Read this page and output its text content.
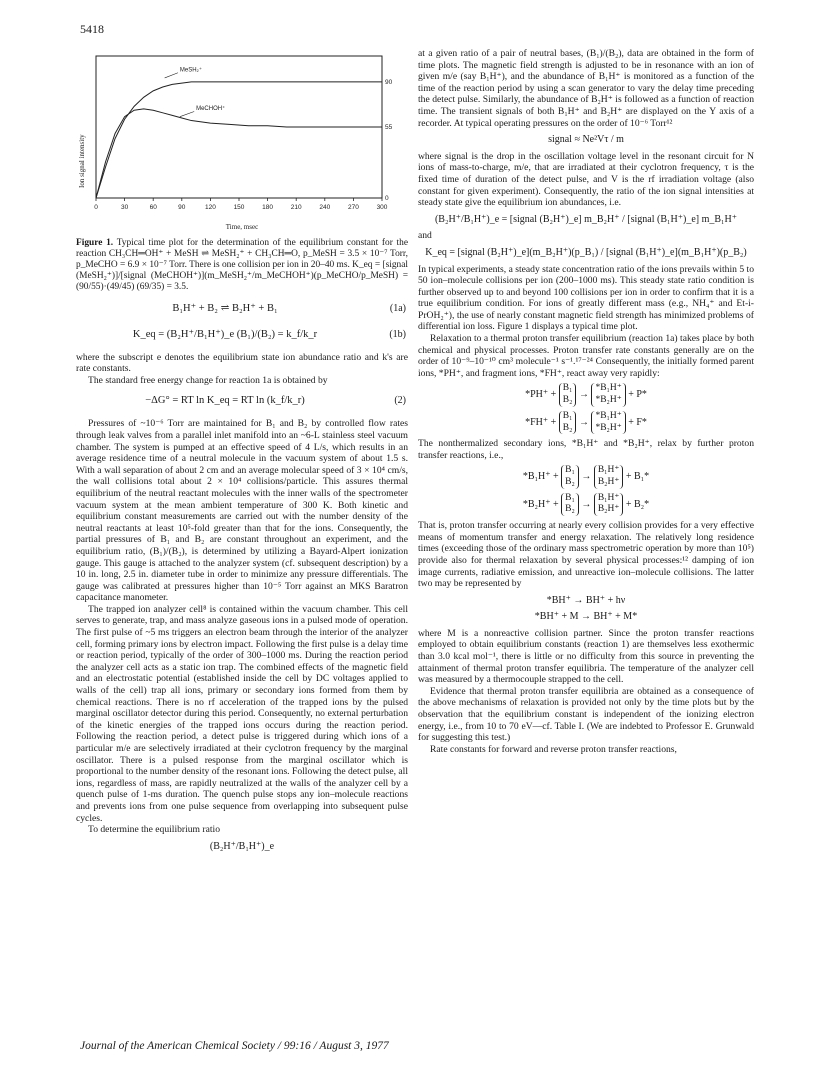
5418
Ion signal intensity
0	30	60	90	120	150	180	210	240	270	300
MeSH₂⁺
MeCHOH⁺
90
55
0
Time, msec

Figure 1. Typical time plot for the determination of the equilibrium constant for the reaction CH₃CH═OH⁺ + MeSH ⇌ MeSH₂⁺ + CH₃CH═O, p_MeSH = 3.5 × 10⁻⁷ Torr, p_MeCHO = 6.9 × 10⁻⁷ Torr. There is one collision per ion in 20–40 ms. K_eq = [signal (MeSH₂⁺)]/[signal (MeCHOH⁺)](m_MeSH₂⁺/m_MeCHOH⁺)(p_MeCHO/p_MeSH) = (90/55)·(49/45) (69/35) = 3.5.

B₁H⁺ + B₂ ⇌ B₂H⁺ + B₁	(1a)
K_eq = (B₂H⁺/B₁H⁺)_e (B₁)/(B₂) = k_f/k_r	(1b)

where the subscript e denotes the equilibrium state ion abundance ratio and k's are rate constants.

The standard free energy change for reaction 1a is obtained by

−ΔG° = RT ln K_eq = RT ln (k_f/k_r)	(2)

Pressures of ~10⁻⁶ Torr are maintained for B₁ and B₂ by controlled flow rates through leak valves from a parallel inlet manifold into an ~6-L stainless steel vacuum chamber. The system is pumped at an effective speed of 4 L/s, which results in an average residence time of a neutral molecule in the vacuum system of about 1.5 s. With a wall separation of about 2 cm and an average molecular speed of 3 × 10⁴ cm/s, the wall collisions total about 2 × 10⁴ collisions/particle. This assures thermal equilibrium of the neutral reactant molecules with the inner walls of the spectrometer vacuum system at the mean ambient temperature of 300 K. Both kinetic and equilibrium constant measurements are carried out with the number density of the neutral reactants at least 10⁵-fold greater than that for the ions. Consequently, the partial pressures of B₁ and B₂ are constant throughout an experiment, and the equilibrium ratio, (B₁)/(B₂), is determined by utilizing a Bayard-Alpert ionization gauge. This gauge is attached to the analyzer system (cf. subsequent description) by a 10 in. long, 2.5 in. diameter tube in order to minimize any pressure differentials. The gauge was calibrated at pressures higher than 10⁻⁵ Torr against an MKS Baratron capacitance manometer.

The trapped ion analyzer cell⁸ is contained within the vacuum chamber. This cell serves to generate, trap, and mass analyze gaseous ions in a pulsed mode of operation. The first pulse of ~5 ms triggers an electron beam through the interior of the analyzer cell, forming primary ions by electron impact. Following the first pulse is a delay time or reaction period, typically of the order of 300–1000 ms. During the reaction period the analyzer cell acts as a static ion trap. The combined effects of the magnetic field and an electrostatic potential (established inside the cell by DC voltages applied to walls of the cell) trap all ions, primary or secondary ions formed from them by chemical reactions. There is no rf acceleration of the trapped ions by the pulsed marginal oscillator detector during this period. Consequently, no external perturbation of the kinetic energies of the trapped ions occurs during the reaction period. Following the reaction period, a detect pulse is triggered during which ions of a particular m/e are selectively irradiated at their cyclotron frequency by the marginal oscillator. There is a pulsed response from the marginal oscillator which is proportional to the number density of the resonant ions. Following the detect pulse, all ions, regardless of mass, are rapidly neutralized at the walls of the analyzer cell by a quench pulse of 1-ms duration. The quench pulse stops any ion–molecule reactions and prevents ions from one pulse sequence from overlapping into subsequent pulse cycles.

To determine the equilibrium ratio

(B₂H⁺/B₁H⁺)_e

at a given ratio of a pair of neutral bases, (B₁)/(B₂), data are obtained in the form of time plots. The magnetic field strength is adjusted to be in resonance with an ion of given m/e (say B₁H⁺), and the abundance of B₁H⁺ is monitored as a function of the time of the reaction period by using a scan generator to vary the delay time preceding the detect pulse. Similarly, the abundance of B₂H⁺ is followed as a function of reaction time. The transient signals of both B₁H⁺ and B₂H⁺ are displayed on the Y axis of a recorder. At typical operating pressures on the order of 10⁻⁶ Torr¹²

signal ≈ Ne²Vτ / m

where signal is the drop in the oscillation voltage level in the resonant circuit for N ions of mass-to-charge, m/e, that are irradiated at their cyclotron frequency, τ is the fixed time of duration of the detect pulse, and V is the rf irradiation voltage (also constant for given experiment). Consequently, the ratio of the ion signal intensities at steady state give the equilibrium ion abundances, i.e.

(B₂H⁺/B₁H⁺)_e = [signal (B₂H⁺)_e] m_B₂H⁺ / [signal (B₁H⁺)_e] m_B₁H⁺

and

K_eq = [signal (B₂H⁺)_e](m_B₂H⁺)(p_B₁) / [signal (B₁H⁺)_e](m_B₁H⁺)(p_B₂)

In typical experiments, a steady state concentration ratio of the ions prevails within 5 to 50 ion–molecule collisions per ion (200–1000 ms). This steady state ratio condition is further observed up to and beyond 100 collisions per ion in order to confirm that it is a true equilibrium condition. For ions of greatly different mass (e.g., NH₄⁺ and Et-i-PrOH₂⁺), the use of nearly constant magnetic field strength has minimized problems of differential ion loss. Figure 1 displays a typical time plot.

Relaxation to a thermal proton transfer equilibrium (reaction 1a) takes place by both chemical and physical processes. Proton transfer rate constants generally are on the order of 10⁻⁹–10⁻¹⁰ cm³ molecule⁻¹ s⁻¹.¹⁷⁻²⁴ Consequently, the initially formed parent ions, *PH⁺, and fragment ions, *FH⁺, react away very rapidly:

*PH⁺ + B₁
B₂ → *B₁H⁺
*B₂H⁺ + P*
*FH⁺ + B₁
B₂ → *B₁H⁺
*B₂H⁺ + F*

The nonthermalized secondary ions, *B₁H⁺ and *B₂H⁺, relax by further proton transfer reactions, i.e.,

*B₁H⁺ + B₁
B₂ → B₁H⁺
B₂H⁺ + B₁*
*B₂H⁺ + B₁
B₂ → B₁H⁺
B₂H⁺ + B₂*

That is, proton transfer occurring at nearly every collision provides for a very effective means of momentum transfer and energy relaxation. The relatively long residence times (exceeding those of the ordinary mass spectrometric operation by more than 10⁵) provide also for thermal relaxation by several physical processes:¹² damping of ion image currents, radiative emission, and unreactive ion–molecule collisions. The latter two may be represented by

*BH⁺ → BH⁺ + hν
*BH⁺ + M → BH⁺ + M*

where M is a nonreactive collision partner. Since the proton transfer reactions employed to obtain equilibrium constants (reaction 1) are themselves less exothermic than 3.0 kcal mol⁻¹, there is little or no difficulty from this source in preventing the attainment of thermal proton transfer equilibria. The temperature of the analyzer cell was measured by a thermocouple strapped to the cell.

Evidence that thermal proton transfer equilibria are obtained as a consequence of the above mechanisms of relaxation is provided not only by the time plots but by the observation that the equilibrium constant is independent of the ionizing electron energy, i.e., from 10 to 70 eV—cf. Table I. (We are indebted to Professor E. Grunwald for suggesting this test.)

Rate constants for forward and reverse proton transfer reactions,

Journal of the American Chemical Society / 99:16 / August 3, 1977
